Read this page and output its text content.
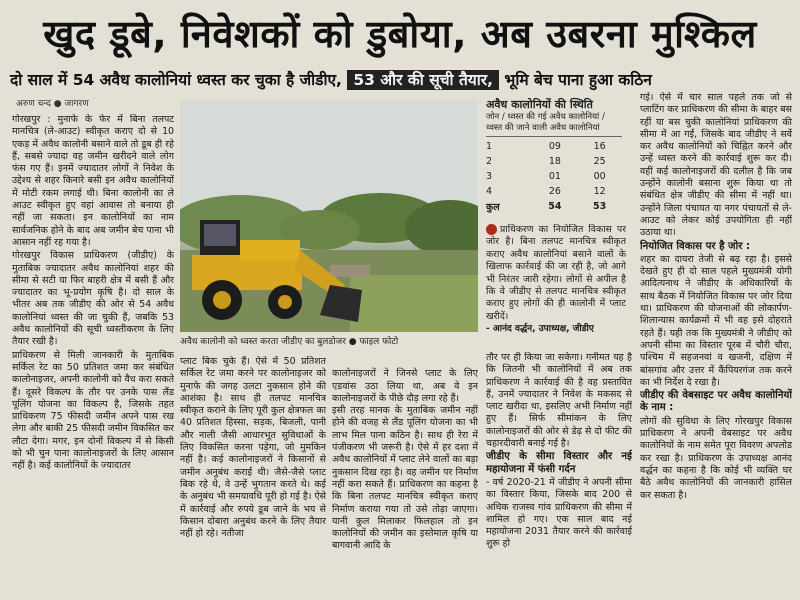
खुद डूबे, निवेशकों को डुबोया, अब उबरना मुश्किल
दो साल में 54 अवैध कालोनियां ध्वस्त कर चुका है जीडीए, 53 और की सूची तैयार, भूमि बेच पाना हुआ कठिन
अरुण चन्द ● जागरण

गोरखपुर : मुनाफे के फेर में बिना तलपट मानचित्र (ले-आउट) स्वीकृत कराए दो से 10 एकड़ में अवैध कालोनी बसाने वाले तो डूब ही रहे हैं, सबसे ज्यादा वह जमीन खरीदने वाले लोग फंस गए हैं। इनमें ज्यादातर लोगों ने निवेश के उद्देश्य से शहर किनारे बसी इन अवैध कालोनियों में मोटी रकम लगाई थी। बिना कालोनी का ले आउट स्वीकृत हुए वहां आवास तो बनाया ही नहीं जा सकता। इन कालोनियों का नाम सार्वजनिक होने के बाद अब जमीन बेच पाना भी आसान नहीं रह गया है।

गोरखपुर विकास प्राधिकरण (जीडीए) के मुताबिक ज्यादातर अवैध कालोनियां शहर की सीमा से सटी या फिर बाहरी क्षेत्र में बसी हैं और ज्यादातर का भू-प्रयोग कृषि है। दो साल के भीतर अब तक जीडीए की ओर से 54 अवैध कालोनियां ध्वस्त की जा चुकी हैं, जबकि 53 अवैध कालोनियों की सूची ध्वस्तीकरण के लिए तैयार रखी है।

प्राधिकरण से मिली जानकारी के मुताबिक सर्किल रेट का 50 प्रतिशत जमा कर संबंधित कालोनाइजर, अपनी कालोनी को वैध करा सकते हैं। दूसरे विकल्प के तौर पर उनके पास लैंड पूलिंग योजना का विकल्प है, जिसके तहत प्राधिकरण 75 फीसदी जमीन अपने पास रख लेगा और बाकी 25 फीसदी जमीन विकसित कर लौटा देगा। मगर, इन दोनों विकल्प में से किसी को भी चुन पाना कालोनाइजरों के लिए आसान नहीं है। कई कालोनियों के ज्यादातर

अवैध कालोनी को ध्वस्त करता जीडीए का बुलडोजर ● फाइल फोटो
अवैध कालोनियों की स्थिति
जोन / ध्वस्त की गई अवैध कालोनियां / ध्वस्त की जाने वाली अवैध कालोनियां
1	09	16
2	18	25
3	01	00
4	26	12
कुल	54	53
प्राधिकरण का नियोजित विकास पर जोर है। बिना तलपट मानचित्र स्वीकृत कराए अवैध कालोनियां बसाने वालों के खिलाफ कार्रवाई की जा रही है, जो आगे भी निरंतर जारी रहेगा। लोगों से अपील है कि वे जीडीए से तलपट मानचित्र स्वीकृत कराए हुए लोगों की ही कालोनी में प्लाट खरीदें।
- आनंद वर्द्धन, उपाध्यक्ष, जीडीए

प्लाट बिक चुके हैं। ऐसे में 50 प्रतिशत सर्किल रेट जमा करने पर कालोनाइजर को मुनाफे की जगह उलटा नुकसान होने की आशंका है। साथ ही तलपट मानचित्र स्वीकृत कराने के लिए पूरी कुल क्षेत्रफल का 40 प्रतिशत हिस्सा, सड़क, बिजली, पानी और नाली जैसी आधारभूत सुविधाओं के लिए विकसित करना पड़ेगा, जो मुमकिन नहीं है। कई कालोनाइजरों ने किसानों से जमीन अनुबंध कराई थी। जैसे-जैसे प्लाट बिक रहे थे, वे उन्हें भुगतान करते थे। कई के अनुबंध भी समयावधि पूरी हो गई है। ऐसे में कार्रवाई और रुपये डूब जाने के भय से किसान दोबारा अनुबंध करने के लिए तैयार नहीं हो रहे। नतीजा

कालोनाइजरों ने जिनसे प्लाट के लिए एडवांस उठा लिया था, अब वे इन कालोनाइजरों के पीछे दौड़ लगा रहे हैं।
इसी तरह मानक के मुताबिक जमीन नहीं होने की वजह से लैंड पूलिंग योजना का भी लाभ मिल पाना कठिन है। साथ ही रेरा में पंजीकरण भी जरूरी है। ऐसे में हर दशा में अवैध कालोनियों में प्लाट लेने वालों का बड़ा नुकसान दिख रहा है। वह जमीन पर निर्माण नहीं करा सकते हैं। प्राधिकरण का कहना है कि बिना तलपट मानचित्र स्वीकृत कराए निर्माण कराया गया तो उसे तोड़ा जाएगा। यानी कुल मिलाकर फिलहाल तो इन कालोनियों की जमीन का इस्तेमाल कृषि या बागवानी आदि के

तौर पर ही किया जा सकेगा। गनीमत यह है कि जितनी भी कालोनियों में अब तक प्राधिकरण ने कार्रवाई की है वह प्रस्तावित हैं, उनमें ज्यादातर ने निवेश के मकसद से प्लाट खरीदा था, इसलिए अभी निर्माण नहीं हुए हैं। सिर्फ सीमांकन के लिए कालोनाइजरों की ओर से डेढ़ से दो फीट की चहारदीवारी बनाई गई है।

जीडीए के सीमा विस्तार और नई महायोजना में फंसी गर्दन

- वर्ष 2020-21 में जीडीए ने अपनी सीमा का विस्तार किया, जिसके बाद 200 से अधिक राजस्व गांव प्राधिकरण की सीमा में शामिल हो गए। एक साल बाद नई महायोजना 2031 तैयार करने की कार्रवाई शुरू हो

गई। ऐसे में चार साल पहले तक जो से प्लाटिंग कर प्राधिकरण की सीमा के बाहर बस रहीं या बस चुकी कालोनियां प्राधिकरण की सीमा में आ गईं, जिसके बाद जीडीए ने सर्वे कर अवैध कालोनियों को चिह्नित करने और उन्हें ध्वस्त करने की कार्रवाई शुरू कर दी। वहीं कई कालोनाइजरों की दलील है कि जब उन्होंने कालोनी बसाना शुरू किया था तो संबंधित क्षेत्र जीडीए की सीमा में नहीं था। उन्होंने जिला पंचायत या नगर पंचायतों से ले-आउट को लेकर कोई उपयोगिता ही नहीं उठाया था।

नियोजित विकास पर है जोर :

शहर का दायरा तेजी से बढ़ रहा है। इससे देखते हुए ही दो साल पहले मुख्यमंत्री योगी आदित्यनाथ ने जीडीए के अधिकारियों के साथ बैठक में नियोजित विकास पर जोर दिया था। प्राधिकरण की योजनाओं की लोकार्पण-शिलान्यास कार्यक्रमों में भी वह इसे दोहराते रहते हैं। यही तक कि मुख्यमंत्री ने जीडीए को अपनी सीमा का विस्तार पूरब में चौरी चौरा, पश्चिम में सहजनवां व खजनी, दक्षिण में बांसगांव और उत्तर में कैंपियरगंज तक करने का भी निर्देश दे रखा है।

जीडीए की वेबसाइट पर अवैध कालोनियों के नाम :

लोगों की सुविधा के लिए गोरखपुर विकास प्राधिकरण ने अपनी वेबसाइट पर अवैध कालोनियों के नाम समेत पूरा विवरण अपलोड कर रखा है। प्राधिकरण के उपाध्यक्ष आनंद वर्द्धन का कहना है कि कोई भी व्यक्ति घर बैठे अवैध कालोनियों की जानकारी हासिल कर सकता है।
